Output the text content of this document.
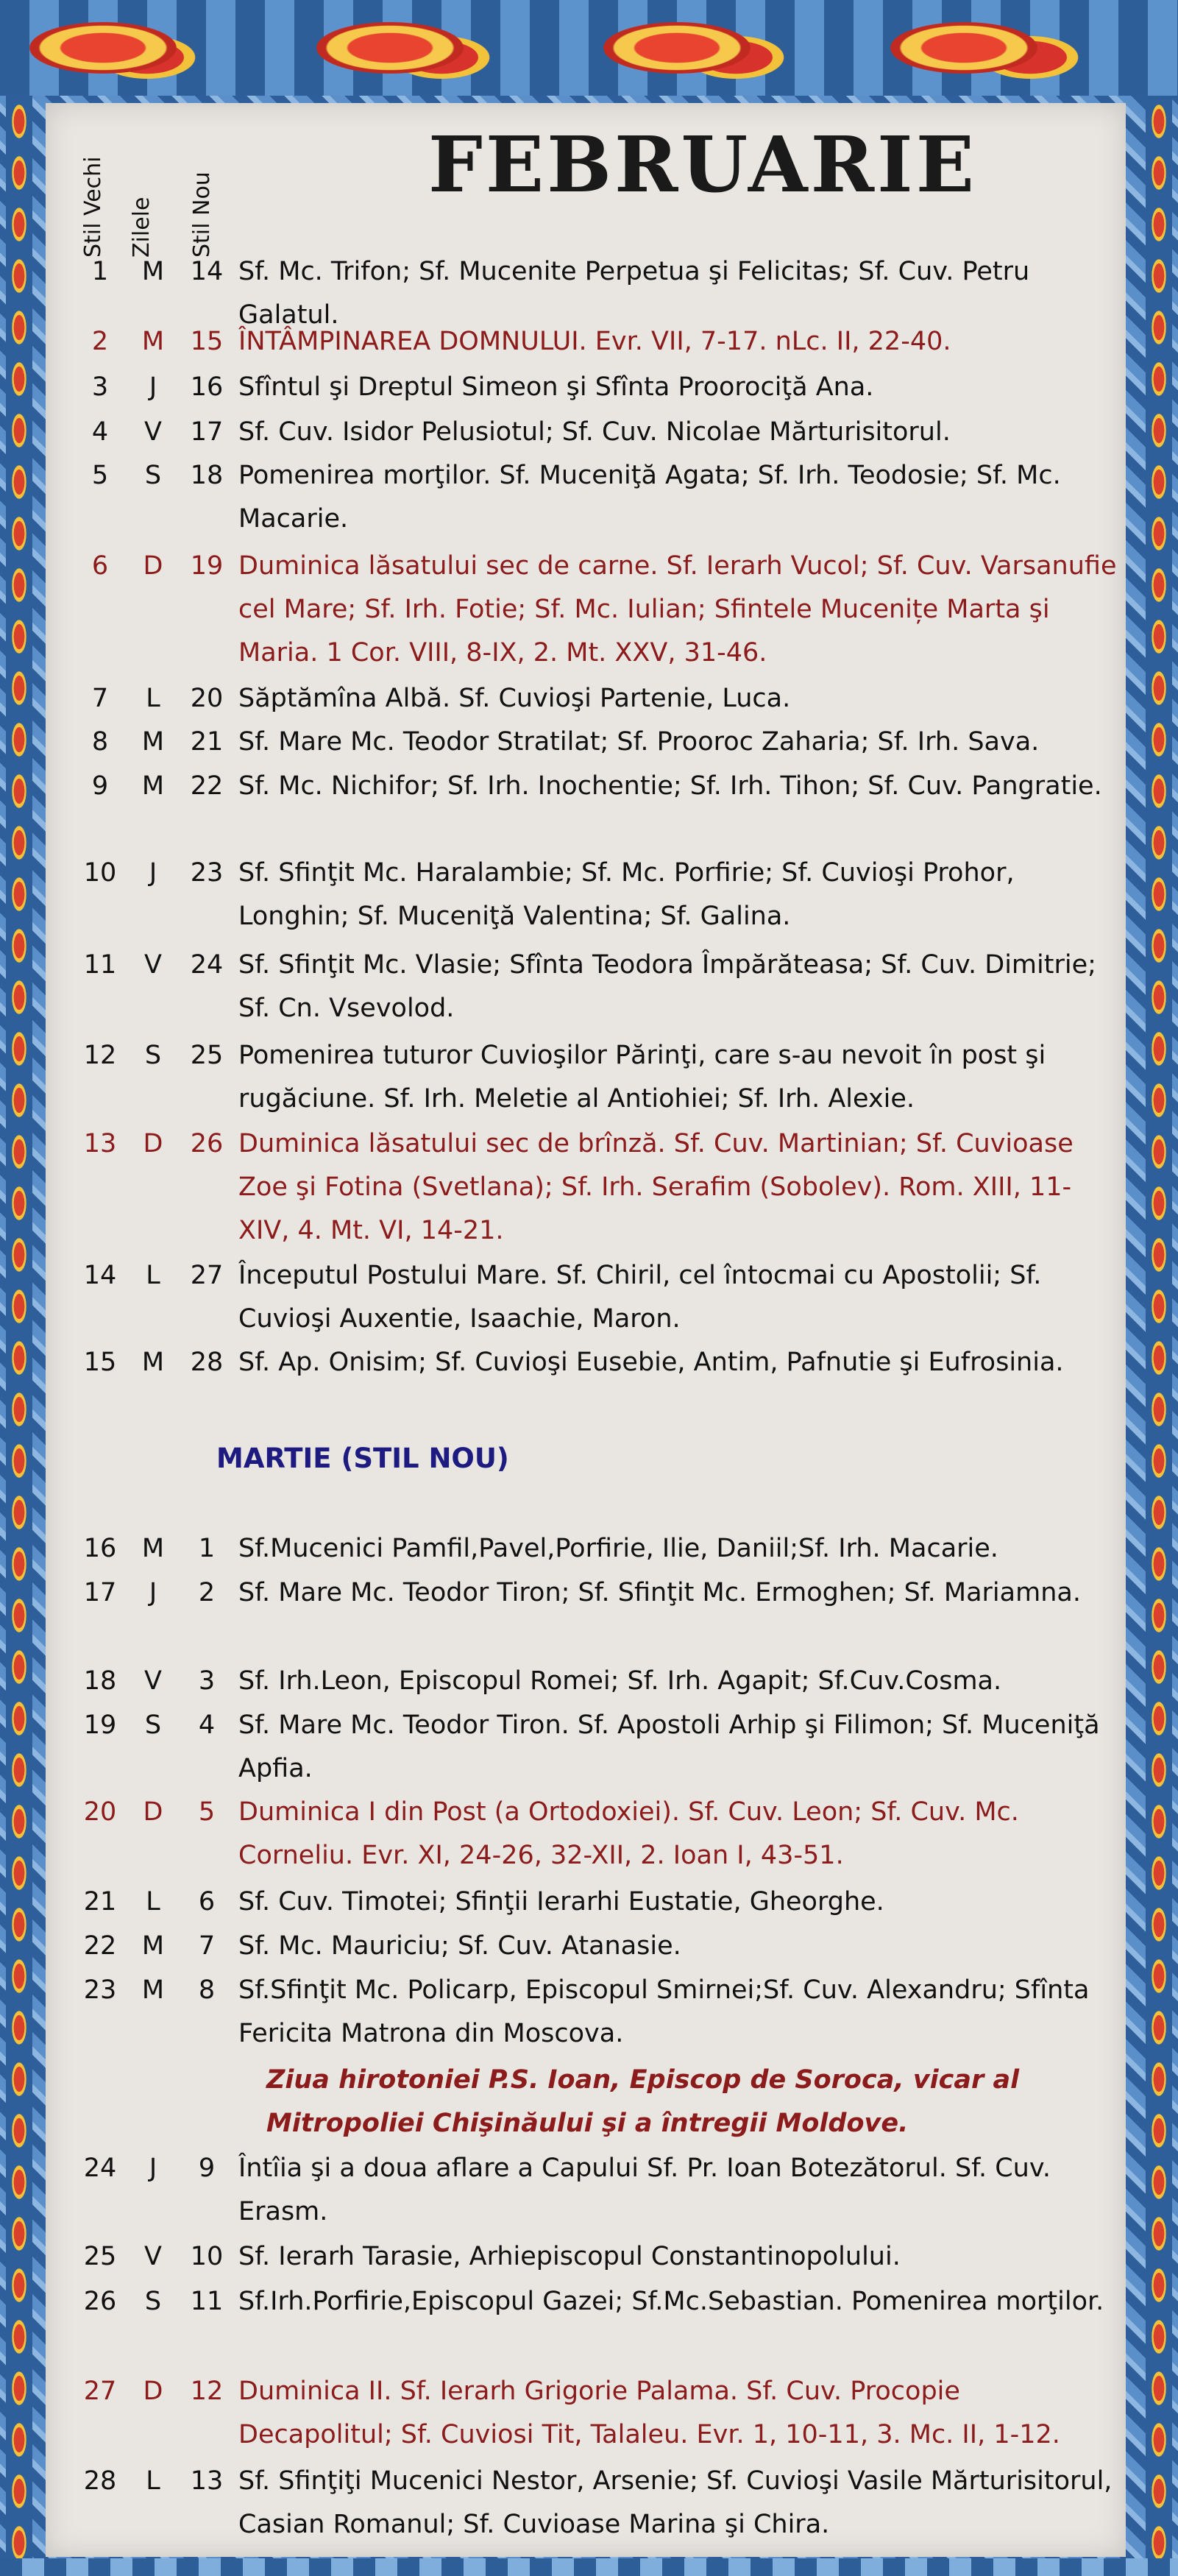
Stil Vechi Zilele Stil Nou
FEBRUARIE
1	M	14 Sf. Mc. Trifon; Sf. Mucenite Perpetua şi Felicitas; Sf. Cuv. Petru Galatul.
2	M	15 ÎNTÂMPINAREA DOMNULUI. Evr. VII, 7-17. nLc. II, 22-40.
3	J	16 Sfîntul şi Dreptul Simeon şi Sfînta Proorociţă Ana.
4	V	17 Sf. Cuv. Isidor Pelusiotul; Sf. Cuv. Nicolae Mărturisitorul.
5	S	18 Pomenirea morţilor. Sf. Muceniţă Agata; Sf. Irh. Teodosie; Sf. Mc. Macarie.
6	D	19 Duminica lăsatului sec de carne. Sf. Ierarh Vucol; Sf. Cuv. Varsanufie cel Mare; Sf. Irh. Fotie; Sf. Mc. Iulian; Sfintele Mucenițe Marta şi Maria. 1 Cor. VIII, 8-IX, 2. Mt. XXV, 31-46.
7	L	20 Săptămîna Albă. Sf. Cuvioşi Partenie, Luca.
8	M	21 Sf. Mare Mc. Teodor Stratilat; Sf. Prooroc Zaharia; Sf. Irh. Sava.
9	M	22 Sf. Mc. Nichifor; Sf. Irh. Inochentie; Sf. Irh. Tihon; Sf. Cuv. Pangratie.
10	J	23 Sf. Sfinţit Mc. Haralambie; Sf. Mc. Porfirie; Sf. Cuvioşi Prohor, Longhin; Sf. Muceniţă Valentina; Sf. Galina.
11	V	24 Sf. Sfinţit Mc. Vlasie; Sfînta Teodora Împărăteasa; Sf. Cuv. Dimitrie; Sf. Cn. Vsevolod.
12	S	25 Pomenirea tuturor Cuvioşilor Părinţi, care s-au nevoit în post şi rugăciune. Sf. Irh. Meletie al Antiohiei; Sf. Irh. Alexie.
13	D	26 Duminica lăsatului sec de brînză. Sf. Cuv. Martinian; Sf. Cuvioase Zoe şi Fotina (Svetlana); Sf. Irh. Serafim (Sobolev). Rom. XIII, 11-XIV, 4. Mt. VI, 14-21.
14	L	27 Începutul Postului Mare. Sf. Chiril, cel întocmai cu Apostolii; Sf. Cuvioşi Auxentie, Isaachie, Maron.
15 M	28 Sf. Ap. Onisim; Sf. Cuvioşi Eusebie, Antim, Pafnutie şi Eufrosinia.
16 M	1 Sf.Mucenici Pamfil,Pavel,Porfirie, Ilie, Daniil;Sf. Irh. Macarie.
17	J	2 Sf. Mare Mc. Teodor Tiron; Sf. Sfinţit Mc. Ermoghen; Sf. Mariamna.
18	V	3 Sf. Irh.Leon, Episcopul Romei; Sf. Irh. Agapit; Sf.Cuv.Cosma.
19	S	4 Sf. Mare Mc. Teodor Tiron. Sf. Apostoli Arhip şi Filimon; Sf. Muceniţă Apfia.
20	D	5 Duminica I din Post (a Ortodoxiei). Sf. Cuv. Leon; Sf. Cuv. Mc. Corneliu. Evr. XI, 24-26, 32-XII, 2. Ioan I, 43-51.
21	L	6 Sf. Cuv. Timotei; Sfinţii Ierarhi Eustatie, Gheorghe.
22 M	7 Sf. Mc. Mauriciu; Sf. Cuv. Atanasie.
23 M	8 Sf.Sfinţit Mc. Policarp, Episcopul Smirnei;Sf. Cuv. Alexandru; Sfînta Fericita Matrona din Moscova.
Ziua hirotoniei P.S. Ioan, Episcop de Soroca, vicar al Mitropoliei Chişinăului şi a întregii Moldove.
24	J	9 Întîia şi a doua aflare a Capului Sf. Pr. Ioan Botezătorul. Sf. Cuv. Erasm.
25	V	10 Sf. Ierarh Tarasie, Arhiepiscopul Constantinopolului.
26	S	11 Sf.Irh.Porfirie,Episcopul Gazei; Sf.Mc.Sebastian. Pomenirea morţilor.
27	D	12 Duminica II. Sf. Ierarh Grigorie Palama. Sf. Cuv. Procopie Decapolitul; Sf. Cuviosi Tit, Talaleu. Evr. 1, 10-11, 3. Mc. II, 1-12.
28	L	13 Sf. Sfinţiţi Mucenici Nestor, Arsenie; Sf. Cuvioşi Vasile Mărturisitorul, Casian Romanul; Sf. Cuvioase Marina şi Chira.
MARTIE (STIL NOU)
